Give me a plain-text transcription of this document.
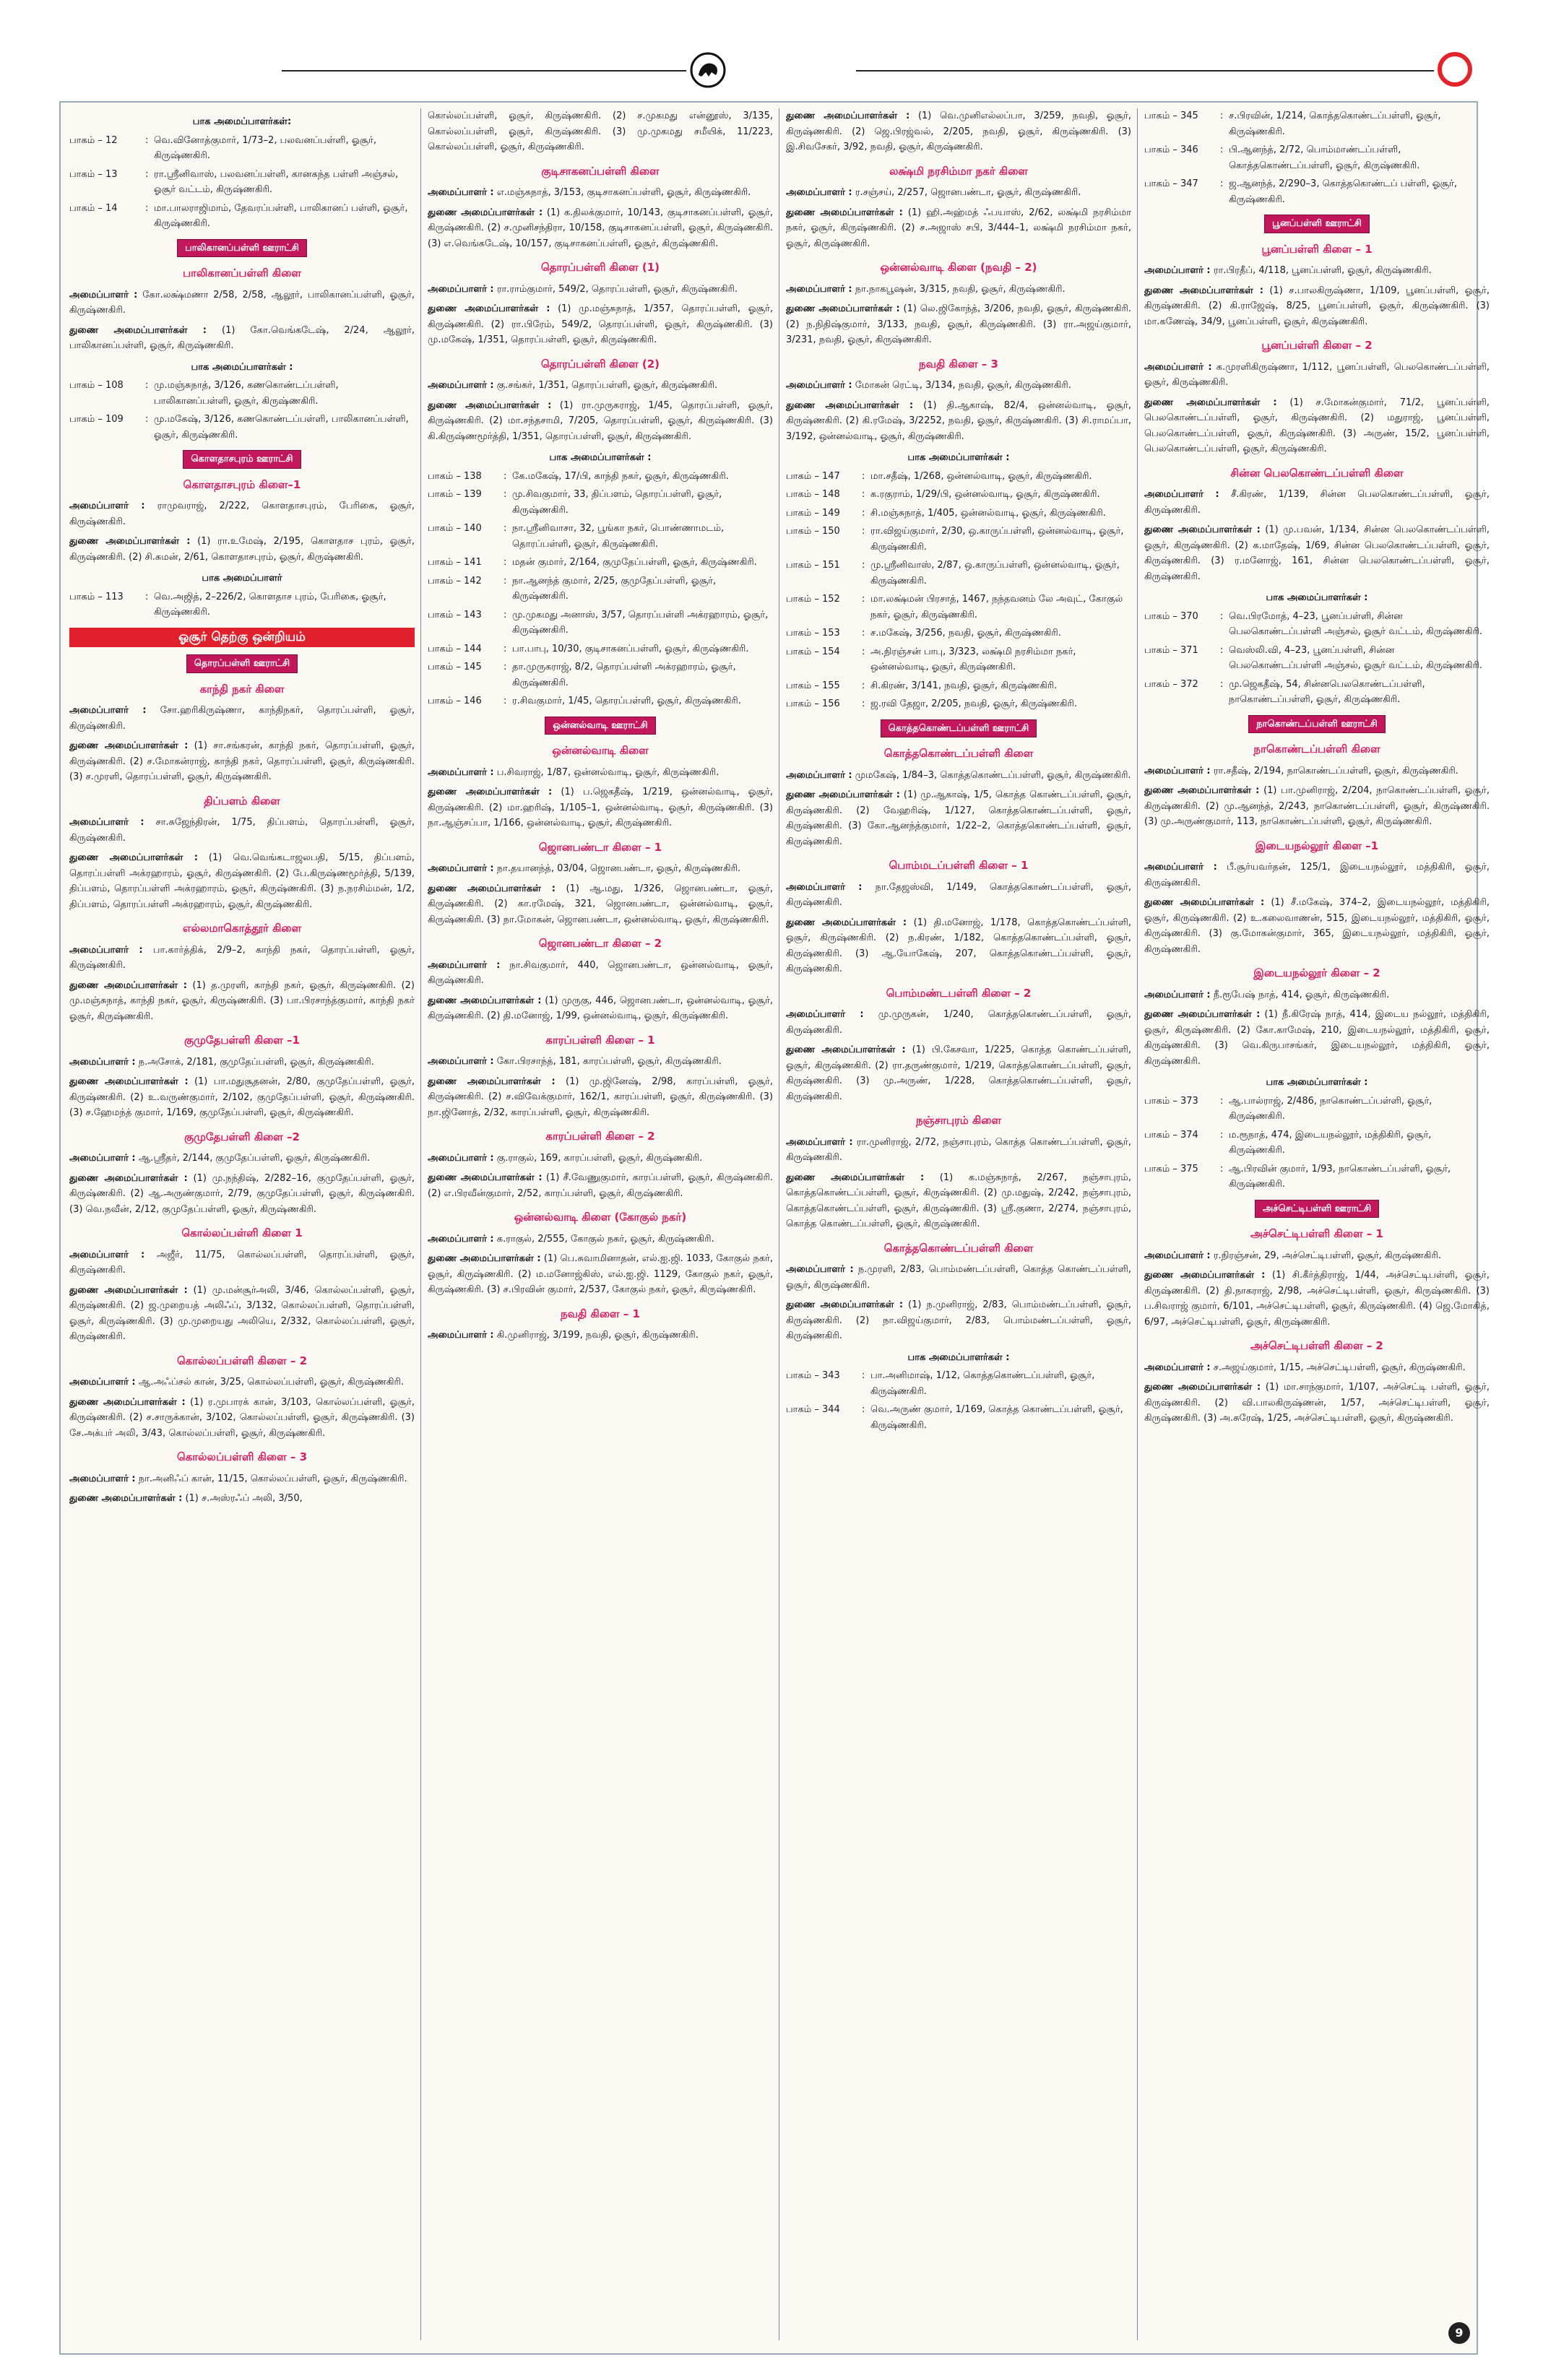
பாக அமைப்பாளர்கள்:
பாகம் – 12	: வெ.வினோத்குமார், 1/73–2, பலவனப்பள்ளி, ஓசூர், கிருஷ்ணகிரி.
பாகம் – 13	: ரா.ஸ்ரீனிவாஸ், பலவனப்பள்ளி, கானகந்த பள்ளி அஞ்சல், ஓசூர் வட்டம், கிருஷ்ணகிரி.
பாகம் – 14	: மா.பாலராஜிமாம், தேவரப்பள்ளி, பாலிகானப் பள்ளி, ஓசூர், கிருஷ்ணகிரி.
பாலிகானப்பள்ளி ஊராட்சி
பாலிகானப்பள்ளி கிளை
அமைப்பாளர் : கோ.லக்ஷ்மணா 2/58, 2/58, ஆலூர், பாலிகானப்பள்ளி, ஓசூர், கிருஷ்ணகிரி.
துணை அமைப்பாளர்கள் : (1) கோ.வெங்கடேஷ், 2/24, ஆலூர், பாலிகானப்பள்ளி, ஓசூர், கிருஷ்ணகிரி.
பாக அமைப்பாளர்கள் :
பாகம் – 108	: மு.மஞ்சுநாத், 3/126, கணகொண்டப்பள்ளி, பாலிகானப்பள்ளி, ஓசூர், கிருஷ்ணகிரி.
பாகம் – 109	: மு.மகேஷ், 3/126, கணகொண்டப்பள்ளி, பாலிகானப்பள்ளி, ஓசூர், கிருஷ்ணகிரி.
கொளதாசபுரம் ஊராட்சி
கொளதாசபுரம் கிளை–1
அமைப்பாளர் : ராமுவராஜ், 2/222, கொளதாசபுரம், பேரிகை, ஓசூர், கிருஷ்ணகிரி.
துணை அமைப்பாளர்கள் : (1) ரா.உமேஷ், 2/195, கொளதாச புரம், ஓசூர், கிருஷ்ணகிரி. (2) சி.சுமன், 2/61, கொளதாசபுரம், ஓசூர், கிருஷ்ணகிரி.
பாக அமைப்பாளர்
பாகம் – 113	: வெ.அஜித், 2–226/2, கொளதாச புரம், பேரிகை, ஓசூர், கிருஷ்ணகிரி.
ஓசூர் தெற்கு ஒன்றியம்
தொரப்பள்ளி ஊராட்சி
காந்தி நகர் கிளை
அமைப்பாளர் : சோ.ஹரிகிருஷ்ணா, காந்திநகர், தொரப்பள்ளி, ஓசூர், கிருஷ்ணகிரி.
துணை அமைப்பாளர்கள் : (1) சா.சங்கரன், காந்தி நகர், தொரப்பள்ளி, ஓசூர், கிருஷ்ணகிரி. (2) ச.மோகன்ராஜ், காந்தி நகர், தொரப்பள்ளி, ஓசூர், கிருஷ்ணகிரி. (3) ச.முரளி, தொரப்பள்ளி, ஓசூர், கிருஷ்ணகிரி.
திப்பளம் கிளை
அமைப்பாளர் : சா.சுஜேந்திரன், 1/75, திப்பளம், தொரப்பள்ளி, ஓசூர், கிருஷ்ணகிரி.
துணை அமைப்பாளர்கள் : (1) வெ.வெங்கடாஜலபதி, 5/15, திப்பளம், தொரப்பள்ளி அக்ரஹாரம், ஓசூர், கிருஷ்ணகிரி. (2) பே.கிருஷ்ணமூர்த்தி, 5/139, திப்பளம், தொரப்பள்ளி அக்ரஹாரம், ஓசூர், கிருஷ்ணகிரி. (3) ந.நரசிம்மன், 1/2, திப்பளம், தொரப்பள்ளி அக்ரஹாரம், ஓசூர், கிருஷ்ணகிரி.
எல்லமாகொத்தூர் கிளை
அமைப்பாளர் : பா.கார்த்திக், 2/9–2, காந்தி நகர், தொரப்பள்ளி, ஓசூர், கிருஷ்ணகிரி.
துணை அமைப்பாளர்கள் : (1) த.முரளி, காந்தி நகர், ஓசூர், கிருஷ்ணகிரி. (2) மு.மஞ்சுநாத், காந்தி நகர், ஓசூர், கிருஷ்ணகிரி. (3) பா.பிரசாந்த்குமார், காந்தி நகர் ஓசூர், கிருஷ்ணகிரி.
குமுதேபள்ளி கிளை –1
அமைப்பாளர் : ந.அசோக், 2/181, குமுதேப்பள்ளி, ஓசூர், கிருஷ்ணகிரி.
துணை அமைப்பாளர்கள் : (1) பா.மதுசூதனன், 2/80, குமுதேப்பள்ளி, ஓசூர், கிருஷ்ணகிரி. (2) உ.வருண்குமார், 2/102, குமுதேப்பள்ளி, ஓசூர், கிருஷ்ணகிரி. (3) ச.ஹேமந்த் குமார், 1/169, குமுதேப்பள்ளி, ஓசூர், கிருஷ்ணகிரி.
குமுதேபள்ளி கிளை –2
அமைப்பாளர் : ஆ.ஸ்ரீதர், 2/144, குமுதேப்பள்ளி, ஓசூர், கிருஷ்ணகிரி.
துணை அமைப்பாளர்கள் : (1) மு.நந்திஷ், 2/282–16, குமுதேப்பள்ளி, ஓசூர், கிருஷ்ணகிரி. (2) ஆ.அருண்குமார், 2/79, குமுதேப்பள்ளி, ஓசூர், கிருஷ்ணகிரி. (3) வெ.நவீன், 2/12, குமுதேப்பள்ளி, ஓசூர், கிருஷ்ணகிரி.
கொல்லப்பள்ளி கிளை 1
அமைப்பாளர் : அஜீர், 11/75, கொல்லப்பள்ளி, தொரப்பள்ளி, ஓசூர், கிருஷ்ணகிரி.
துணை அமைப்பாளர்கள் : (1) மு.மன்சூர்அலி, 3/46, கொல்லப்பள்ளி, ஓசூர், கிருஷ்ணகிரி. (2) ஜ.முறையத் அலிஃப், 3/132, கொல்லப்பள்ளி, தொரப்பள்ளி, ஓசூர், கிருஷ்ணகிரி. (3) மு.முறையது அலியெ, 2/332, கொல்லப்பள்ளி, ஓசூர், கிருஷ்ணகிரி.
கொல்லப்பள்ளி கிளை – 2
அமைப்பாளர் : ஆ.அஃப்சல் கான், 3/25, கொல்லப்பள்ளி, ஓசூர், கிருஷ்ணகிரி.
துணை அமைப்பாளர்கள் : (1) ர.முபாரக் கான், 3/103, கொல்லப்பள்ளி, ஓசூர், கிருஷ்ணகிரி. (2) ச.சாருக்கான், 3/102, கொல்லப்பள்ளி, ஓசூர், கிருஷ்ணகிரி. (3) சே.அக்பர் அலி, 3/43, கொல்லப்பள்ளி, ஓசூர், கிருஷ்ணகிரி.
கொல்லப்பள்ளி கிளை – 3
அமைப்பாளர் : நா.அனிஃப் கான், 11/15, கொல்லப்பள்ளி, ஓசூர், கிருஷ்ணகிரி.
துணை அமைப்பாளர்கள் : (1) ச.அஸ்ரஃப் அலி, 3/50,
கொல்லப்பள்ளி, ஓசூர், கிருஷ்ணகிரி. (2) ச.முகமது என்னூஸ், 3/135, கொல்லப்பள்ளி, ஓசூர், கிருஷ்ணகிரி. (3) மு.முகமது சமீயிக், 11/223, கொல்லப்பள்ளி, ஓசூர், கிருஷ்ணகிரி.
குடிசாகனப்பள்ளி கிளை
அமைப்பாளர் : எ.மஞ்சுநாத், 3/153, குடிசாகனப்பள்ளி, ஓசூர், கிருஷ்ணகிரி.
துணை அமைப்பாளர்கள் : (1) க.திலக்குமார், 10/143, குடிசாகனப்பள்ளி, ஓசூர், கிருஷ்ணகிரி. (2) ச.முனிசந்திரா, 10/158, குடிசாகனப்பள்ளி, ஓசூர், கிருஷ்ணகிரி. (3) எ.வெங்கடேஷ், 10/157, குடிசாகனப்பள்ளி, ஓசூர், கிருஷ்ணகிரி.
தொரப்பள்ளி கிளை (1)
அமைப்பாளர் : ரா.ராம்குமார், 549/2, தொரப்பள்ளி, ஓசூர், கிருஷ்ணகிரி.
துணை அமைப்பாளர்கள் : (1) மு.மஞ்சுநாத், 1/357, தொரப்பள்ளி, ஓசூர், கிருஷ்ணகிரி. (2) ரா.பிரேம், 549/2, தொரப்பள்ளி, ஓசூர், கிருஷ்ணகிரி. (3) மு.மகேஷ், 1/351, தொரப்பள்ளி, ஓசூர், கிருஷ்ணகிரி.
தொரப்பள்ளி கிளை (2)
அமைப்பாளர் : கு.சங்கர், 1/351, தொரப்பள்ளி, ஓசூர், கிருஷ்ணகிரி.
துணை அமைப்பாளர்கள் : (1) ரா.முருகராஜ், 1/45, தொரப்பள்ளி, ஓசூர், கிருஷ்ணகிரி. (2) மா.சந்தசாமி, 7/205, தொரப்பள்ளி, ஓசூர், கிருஷ்ணகிரி. (3) கி.கிருஷ்ணமூர்த்தி, 1/351, தொரப்பள்ளி, ஓசூர், கிருஷ்ணகிரி.
பாக அமைப்பாளர்கள் :
பாகம் – 138	: கே.மகேஷ், 17/பி, காந்தி நகர், ஓசூர், கிருஷ்ணகிரி.
பாகம் – 139	: மு.சிவகுமார், 33, திப்பளம், தொரப்பள்ளி, ஓசூர், கிருஷ்ணகிரி.
பாகம் – 140	: நா.ஸ்ரீனிவாசா, 32, பூங்கா நகர், பொண்ணாமடம், தொரப்பள்ளி, ஓசூர், கிருஷ்ணகிரி.
பாகம் – 141	: மதன் குமார், 2/164, குமுதேப்பள்ளி, ஓசூர், கிருஷ்ணகிரி.
பாகம் – 142	: நா.ஆனந்த் குமார், 2/25, குமுதேப்பள்ளி, ஓசூர், கிருஷ்ணகிரி.
பாகம் – 143	: மு.முகமது அனாஸ், 3/57, தொரப்பள்ளி அக்ரஹாரம், ஓசூர், கிருஷ்ணகிரி.
பாகம் – 144	: பா.பாபு, 10/30, குடிசாகனப்பள்ளி, ஓசூர், கிருஷ்ணகிரி.
பாகம் – 145	: தா.முருகராஜ், 8/2, தொரப்பள்ளி அக்ரஹாரம், ஓசூர், கிருஷ்ணகிரி.
பாகம் – 146	: ர.சிவகுமார், 1/45, தொரப்பள்ளி, ஓசூர், கிருஷ்ணகிரி.
ஒன்னல்வாடி ஊராட்சி
ஒன்னல்வாடி கிளை
அமைப்பாளர் : ப.சிவராஜ், 1/87, ஒன்னல்வாடி, ஓசூர், கிருஷ்ணகிரி.
துணை அமைப்பாளர்கள் : (1) ப.ஜெகதீஷ், 1/219, ஒன்னல்வாடி, ஓசூர், கிருஷ்ணகிரி. (2) மா.ஹரிஷ், 1/105–1, ஒன்னல்வாடி, ஓசூர், கிருஷ்ணகிரி. (3) நா.ஆஞ்சப்பா, 1/166, ஒன்னல்வாடி, ஓசூர், கிருஷ்ணகிரி.
ஜொனபண்டா கிளை – 1
அமைப்பாளர் : நா.தயானந்த், 03/04, ஜொனபண்டா, ஓசூர், கிருஷ்ணகிரி.
துணை அமைப்பாளர்கள் : (1) ஆ.மது, 1/326, ஜொனபண்டா, ஓசூர், கிருஷ்ணகிரி. (2) கா.ரமேஷ், 321, ஜொனபண்டா, ஒன்னல்வாடி, ஓசூர், கிருஷ்ணகிரி. (3) நா.மோகன், ஜொனபண்டா, ஒன்னல்வாடி, ஓசூர், கிருஷ்ணகிரி.
ஜொனபண்டா கிளை – 2
அமைப்பாளர் : நா.சிவகுமார், 440, ஜொனபண்டா, ஒன்னல்வாடி, ஓசூர், கிருஷ்ணகிரி.
துணை அமைப்பாளர்கள் : (1) முருகு, 446, ஜொனபண்டா, ஒன்னல்வாடி, ஓசூர், கிருஷ்ணகிரி. (2) தி.மனோஜ், 1/99, ஒன்னல்வாடி, ஓசூர், கிருஷ்ணகிரி.
காரப்பள்ளி கிளை – 1
அமைப்பாளர் : கோ.பிரசாந்த், 181, காரப்பள்ளி, ஓசூர், கிருஷ்ணகிரி.
துணை அமைப்பாளர்கள் : (1) மு.ஜினேஷ், 2/98, காரப்பள்ளி, ஓசூர், கிருஷ்ணகிரி. (2) ச.விவேக்குமார், 162/1, காரப்பள்ளி, ஓசூர், கிருஷ்ணகிரி. (3) நா.ஜினோத், 2/32, காரப்பள்ளி, ஓசூர், கிருஷ்ணகிரி.
காரப்பள்ளி கிளை – 2
அமைப்பாளர் : கு.ராகுல், 169, காரப்பள்ளி, ஓசூர், கிருஷ்ணகிரி.
துணை அமைப்பாளர்கள் : (1) சீ.வேணுகுமார், காரப்பள்ளி, ஓசூர், கிருஷ்ணகிரி. (2) எ.பிரவீன்குமார், 2/52, காரப்பள்ளி, ஓசூர், கிருஷ்ணகிரி.
ஒன்னல்வாடி கிளை (கோகுல் நகர்)
அமைப்பாளர் : க.ராகுல், 2/555, கோகுல் நகர், ஓசூர், கிருஷ்ணகிரி.
துணை அமைப்பாளர்கள் : (1) பெ.சுவாமினாதன், எல்.ஐ.ஜி. 1033, கோகுல் நகர், ஓசூர், கிருஷ்ணகிரி. (2) ம.மனோஜ்கிஸ், எல்.ஐ.ஜி. 1129, கோகுல் நகர், ஓசூர், கிருஷ்ணகிரி. (3) ச.பிரவின் குமார், 2/537, கோகுல் நகர், ஓசூர், கிருஷ்ணகிரி.
நவதி கிளை – 1
அமைப்பாளர் : கி.முனிராஜ், 3/199, நவதி, ஓசூர், கிருஷ்ணகிரி.
துணை அமைப்பாளர்கள் : (1) வெ.முனிஎல்லப்பா, 3/259, நவதி, ஓசூர், கிருஷ்ணகிரி. (2) ஜெ.பிரஜ்வல், 2/205, நவதி, ஓசூர், கிருஷ்ணகிரி. (3) இ.சிவசேகர், 3/92, நவதி, ஓசூர், கிருஷ்ணகிரி.
லக்ஷ்மி நரசிம்மா நகர் கிளை
அமைப்பாளர் : ர.சஞ்சய், 2/257, ஜொனபண்டா, ஓசூர், கிருஷ்ணகிரி.
துணை அமைப்பாளர்கள் : (1) ஹி.அஹ்மத் ஃபயாஸ், 2/62, லக்ஷ்மி நரசிம்மா நகர், ஓசூர், கிருஷ்ணகிரி. (2) ச.அஜாஸ் சபி, 3/444–1, லக்ஷ்மி நரசிம்மா நகர், ஓசூர், கிருஷ்ணகிரி.
ஒன்னல்வாடி கிளை (நவதி – 2)
அமைப்பாளர் : நா.நாகபூஷன், 3/315, நவதி, ஓசூர், கிருஷ்ணகிரி.
துணை அமைப்பாளர்கள் : (1) லெ.ஜிகோந்த், 3/206, நவதி, ஓசூர், கிருஷ்ணகிரி. (2) ந.நிதிஷ்குமார், 3/133, நவதி, ஓசூர், கிருஷ்ணகிரி. (3) ரா.அஜய்குமார், 3/231, நவதி, ஓசூர், கிருஷ்ணகிரி.
நவதி கிளை – 3
அமைப்பாளர் : மோகன் ரெட்டி, 3/134, நவதி, ஓசூர், கிருஷ்ணகிரி.
துணை அமைப்பாளர்கள் : (1) தி.ஆகாஷ், 82/4, ஒன்னல்வாடி, ஓசூர், கிருஷ்ணகிரி. (2) கி.ரமேஷ், 3/2252, நவதி, ஓசூர், கிருஷ்ணகிரி. (3) சி.ராமப்பா, 3/192, ஒன்னல்வாடி, ஓசூர், கிருஷ்ணகிரி.
பாக அமைப்பாளர்கள் :
பாகம் – 147	: மா.சதீஷ், 1/268, ஒன்னல்வாடி, ஓசூர், கிருஷ்ணகிரி.
பாகம் – 148	: க.ரகுராம், 1/29/பி, ஒன்னல்வாடி, ஓசூர், கிருஷ்ணகிரி.
பாகம் – 149	: சி.மஞ்சுநாத், 1/405, ஒன்னல்வாடி, ஓசூர், கிருஷ்ணகிரி.
பாகம் – 150	: ரா.விஜய்குமார், 2/30, ஒ.காருப்பள்ளி, ஒன்னல்வாடி, ஓசூர், கிருஷ்ணகிரி.
பாகம் – 151	: மு.ஸ்ரீனிவாஸ், 2/87, ஒ.காருப்பள்ளி, ஒன்னல்வாடி, ஓசூர், கிருஷ்ணகிரி.
பாகம் – 152	: மா.லக்ஷ்மன் பிரசாத், 1467, நந்தவனம் லே அவுட், கோகுல் நகர், ஓசூர், கிருஷ்ணகிரி.
பாகம் – 153	: ச.மகேஷ், 3/256, நவதி, ஓசூர், கிருஷ்ணகிரி.
பாகம் – 154	: அ.நிரஞ்சன் பாபு, 3/323, லக்ஷ்மி நரசிம்மா நகர், ஒன்னல்வாடி, ஓசூர், கிருஷ்ணகிரி.
பாகம் – 155	: சி.கிரண், 3/141, நவதி, ஓசூர், கிருஷ்ணகிரி.
பாகம் – 156	: ஜ.ரவி தேஜா, 2/205, நவதி, ஓசூர், கிருஷ்ணகிரி.
கொத்தகொண்டப்பள்ளி ஊராட்சி
கொத்தகொண்டப்பள்ளி கிளை
அமைப்பாளர் : முமகேஷ், 1/84–3, கொத்தகொண்டப்பள்ளி, ஓசூர், கிருஷ்ணகிரி.
துணை அமைப்பாளர்கள் : (1) மு.ஆகாஷ், 1/5, கொத்த கொண்டப்பள்ளி, ஓசூர், கிருஷ்ணகிரி. (2) வேஹரிஷ், 1/127, கொத்தகொண்டப்பள்ளி, ஓசூர், கிருஷ்ணகிரி. (3) கோ.ஆனந்த்குமார், 1/22–2, கொத்தகொண்டப்பள்ளி, ஓசூர், கிருஷ்ணகிரி.
பொம்மடப்பள்ளி கிளை – 1
அமைப்பாளர் : நா.தேஜஸ்வி, 1/149, கொத்தகொண்டப்பள்ளி, ஓசூர், கிருஷ்ணகிரி.
துணை அமைப்பாளர்கள் : (1) தி.மனோஜ், 1/178, கொத்தகொண்டப்பள்ளி, ஓசூர், கிருஷ்ணகிரி. (2) ந.கிரண், 1/182, கொத்தகொண்டப்பள்ளி, ஓசூர், கிருஷ்ணகிரி. (3) ஆ.யோகேஷ், 207, கொத்தகொண்டப்பள்ளி, ஓசூர், கிருஷ்ணகிரி.
பொம்மண்டபள்ளி கிளை – 2
அமைப்பாளர் : மு.முருகன், 1/240, கொத்தகொண்டப்பள்ளி, ஓசூர், கிருஷ்ணகிரி.
துணை அமைப்பாளர்கள் : (1) பி.கேசவா, 1/225, கொத்த கொண்டப்பள்ளி, ஓசூர், கிருஷ்ணகிரி. (2) ரா.தருண்குமார், 1/219, கொத்தகொண்டப்பள்ளி, ஓசூர், கிருஷ்ணகிரி. (3) மு.அருண், 1/228, கொத்தகொண்டப்பள்ளி, ஓசூர், கிருஷ்ணகிரி.
நஞ்சாபுரம் கிளை
அமைப்பாளர் : ரா.முனிராஜ், 2/72, நஞ்சாபுரம், கொத்த கொண்டப்பள்ளி, ஓசூர், கிருஷ்ணகிரி.
துணை அமைப்பாளர்கள் : (1) க.மஞ்சுநாத், 2/267, நஞ்சாபுரம், கொத்தகொண்டப்பள்ளி, ஓசூர், கிருஷ்ணகிரி. (2) மு.மதுஷ், 2/242, நஞ்சாபுரம், கொத்தகொண்டப்பள்ளி, ஓசூர், கிருஷ்ணகிரி. (3) ஸ்ரீ.குணா, 2/274, நஞ்சாபுரம், கொத்த கொண்டப்பள்ளி, ஓசூர், கிருஷ்ணகிரி.
கொத்தகொண்டப்பள்ளி கிளை
அமைப்பாளர் : ந.முரளி, 2/83, பொம்மண்டப்பள்ளி, கொத்த கொண்டப்பள்ளி, ஓசூர், கிருஷ்ணகிரி.
துணை அமைப்பாளர்கள் : (1) ந.முனிராஜ், 2/83, பொம்மண்டப்பள்ளி, ஓசூர், கிருஷ்ணகிரி. (2) நா.விஜய்குமார், 2/83, பொம்மண்டப்பள்ளி, ஓசூர், கிருஷ்ணகிரி.
பாக அமைப்பாளர்கள் :
பாகம் – 343	: பா.அனிமாஷ், 1/12, கொத்தகொண்டப்பள்ளி, ஓசூர், கிருஷ்ணகிரி.
பாகம் – 344	: வெ.அருண் குமார், 1/169, கொத்த கொண்டப்பள்ளி, ஓசூர், கிருஷ்ணகிரி.
பாகம் – 345	: ச.பிரவின், 1/214, கொத்தகொண்டப்பள்ளி, ஓசூர், கிருஷ்ணகிரி.
பாகம் – 346	: பி.ஆனந்த், 2/72, பொம்மாண்டப்பள்ளி, கொத்தகொண்டப்பள்ளி, ஓசூர், கிருஷ்ணகிரி.
பாகம் – 347	: ஜ.ஆனந்த், 2/290–3, கொத்தகொண்டப் பள்ளி, ஓசூர், கிருஷ்ணகிரி.
பூனப்பள்ளி ஊராட்சி
பூனப்பள்ளி கிளை – 1
அமைப்பாளர் : ரா.பிரதீப், 4/118, பூனப்பள்ளி, ஓசூர், கிருஷ்ணகிரி.
துணை அமைப்பாளர்கள் : (1) ச.பாலகிருஷ்ணா, 1/109, பூனப்பள்ளி, ஓசூர், கிருஷ்ணகிரி. (2) கி.ராஜேஷ், 8/25, பூனப்பள்ளி, ஓசூர், கிருஷ்ணகிரி. (3) மா.கணேஷ், 34/9, பூனப்பள்ளி, ஓசூர், கிருஷ்ணகிரி.
பூனப்பள்ளி கிளை – 2
அமைப்பாளர் : க.முரளிகிருஷ்ணா, 1/112, பூனப்பள்ளி, பெலகொண்டப்பள்ளி, ஓசூர், கிருஷ்ணகிரி.
துணை அமைப்பாளர்கள் : (1) ச.மோகன்குமார், 71/2, பூனப்பள்ளி, பெலகொண்டப்பள்ளி, ஓசூர், கிருஷ்ணகிரி. (2) மதுராஜ், பூனப்பள்ளி, பெலகொண்டப்பள்ளி, ஓசூர், கிருஷ்ணகிரி. (3) அருண், 15/2, பூனப்பள்ளி, பெலகொண்டப்பள்ளி, ஓசூர், கிருஷ்ணகிரி.
சின்ன பெலகொண்டப்பள்ளி கிளை
அமைப்பாளர் : சீ.கிரண், 1/139, சின்ன பெலகொண்டப்பள்ளி, ஓசூர், கிருஷ்ணகிரி.
துணை அமைப்பாளர்கள் : (1) மு.பவன், 1/134, சின்ன பெலகொண்டப்பள்ளி, ஓசூர், கிருஷ்ணகிரி. (2) க.மாதேஷ், 1/69, சின்ன பெலகொண்டப்பள்ளி, ஓசூர், கிருஷ்ணகிரி. (3) ர.மனோஜ், 161, சின்ன பெலகொண்டப்பள்ளி, ஓசூர், கிருஷ்ணகிரி.
பாக அமைப்பாளர்கள் :
பாகம் – 370	: வெ.பிரமோத், 4–23, பூனப்பள்ளி, சின்ன பெலகொண்டப்பள்ளி அஞ்சல், ஓசூர் வட்டம், கிருஷ்ணகிரி.
பாகம் – 371	: வெஸ்லி.வி, 4–23, பூனப்பள்ளி, சின்ன பெலகொண்டப்பள்ளி அஞ்சல், ஓசூர் வட்டம், கிருஷ்ணகிரி.
பாகம் – 372	: மு.ஜெகதீஷ், 54, சின்னபெலகொண்டப்பள்ளி, நாகொண்டப்பள்ளி, ஓசூர், கிருஷ்ணகிரி.
நாகொண்டப்பள்ளி ஊராட்சி
நாகொண்டப்பள்ளி கிளை
அமைப்பாளர் : ரா.சதீஷ், 2/194, நாகொண்டப்பள்ளி, ஓசூர், கிருஷ்ணகிரி.
துணை அமைப்பாளர்கள் : (1) பா.முனிராஜ், 2/204, நாகொண்டப்பள்ளி, ஓசூர், கிருஷ்ணகிரி. (2) மு.ஆனந்த், 2/243, நாகொண்டப்பள்ளி, ஓசூர், கிருஷ்ணகிரி. (3) மு.அருண்குமார், 113, நாகொண்டப்பள்ளி, ஓசூர், கிருஷ்ணகிரி.
இடையநல்லூர் கிளை –1
அமைப்பாளர் : பீ.சூர்யவர்தன், 125/1, இடையநல்லூர், மத்திகிரி, ஓசூர், கிருஷ்ணகிரி.
துணை அமைப்பாளர்கள் : (1) சீ.மகேஷ், 374–2, இடையநல்லூர், மத்திகிரி, ஓசூர், கிருஷ்ணகிரி. (2) உ.கலைவாணன், 515, இடையநல்லூர், மத்திகிரி, ஓசூர், கிருஷ்ணகிரி. (3) கு.மோகன்குமார், 365, இடையநல்லூர், மத்திகிரி, ஓசூர், கிருஷ்ணகிரி.
இடையநல்லூர் கிளை – 2
அமைப்பாளர் : நீ.ரூபேஷ் நாத், 414, ஓசூர், கிருஷ்ணகிரி.
துணை அமைப்பாளர்கள் : (1) நீ.கிரேஷ் நாத், 414, இடைய நல்லூர், மத்திகிரி, ஓசூர், கிருஷ்ணகிரி. (2) கோ.காமேஷ், 210, இடையநல்லூர், மத்திகிரி, ஓசூர், கிருஷ்ணகிரி. (3) வெ.கிருபாசங்கர், இடையநல்லூர், மத்திகிரி, ஓசூர், கிருஷ்ணகிரி.
பாக அமைப்பாளர்கள் :
பாகம் – 373	: ஆ.பால்ராஜ், 2/486, நாகொண்டப்பள்ளி, ஓசூர், கிருஷ்ணகிரி.
பாகம் – 374	: ம.ரூநாத், 474, இடையநல்லூர், மத்திகிரி, ஓசூர், கிருஷ்ணகிரி.
பாகம் – 375	: ஆ.பிரவின் குமார், 1/93, நாகொண்டப்பள்ளி, ஓசூர், கிருஷ்ணகிரி.
அச்செட்டிபள்ளி ஊராட்சி
அச்செட்டிபள்ளி கிளை – 1
அமைப்பாளர் : ர.நிரஞ்சன், 29, அச்செட்டிபள்ளி, ஓசூர், கிருஷ்ணகிரி.
துணை அமைப்பாளர்கள் : (1) சி.கீர்த்திராஜ், 1/44, அச்செட்டிபள்ளி, ஓசூர், கிருஷ்ணகிரி. (2) தி.நாகராஜ், 2/98, அச்செட்டிபள்ளி, ஓசூர், கிருஷ்ணகிரி. (3) ப.சிவராஜ் குமார், 6/101, அச்செட்டிபள்ளி, ஓசூர், கிருஷ்ணகிரி. (4) ஜெ.மோகித், 6/97, அச்செட்டிபள்ளி, ஓசூர், கிருஷ்ணகிரி.
அச்செட்டிபள்ளி கிளை – 2
அமைப்பாளர் : ச.அஜய்குமார், 1/15, அச்செட்டிபள்ளி, ஓசூர், கிருஷ்ணகிரி.
துணை அமைப்பாளர்கள் : (1) மா.சாந்குமார், 1/107, அச்செட்டி பள்ளி, ஓசூர், கிருஷ்ணகிரி. (2) வி.பாலகிருஷ்ணன், 1/57, அச்செட்டிபள்ளி, ஓசூர், கிருஷ்ணகிரி. (3) அ.சுரேஷ், 1/25, அச்செட்டிபள்ளி, ஓசூர், கிருஷ்ணகிரி.
9
